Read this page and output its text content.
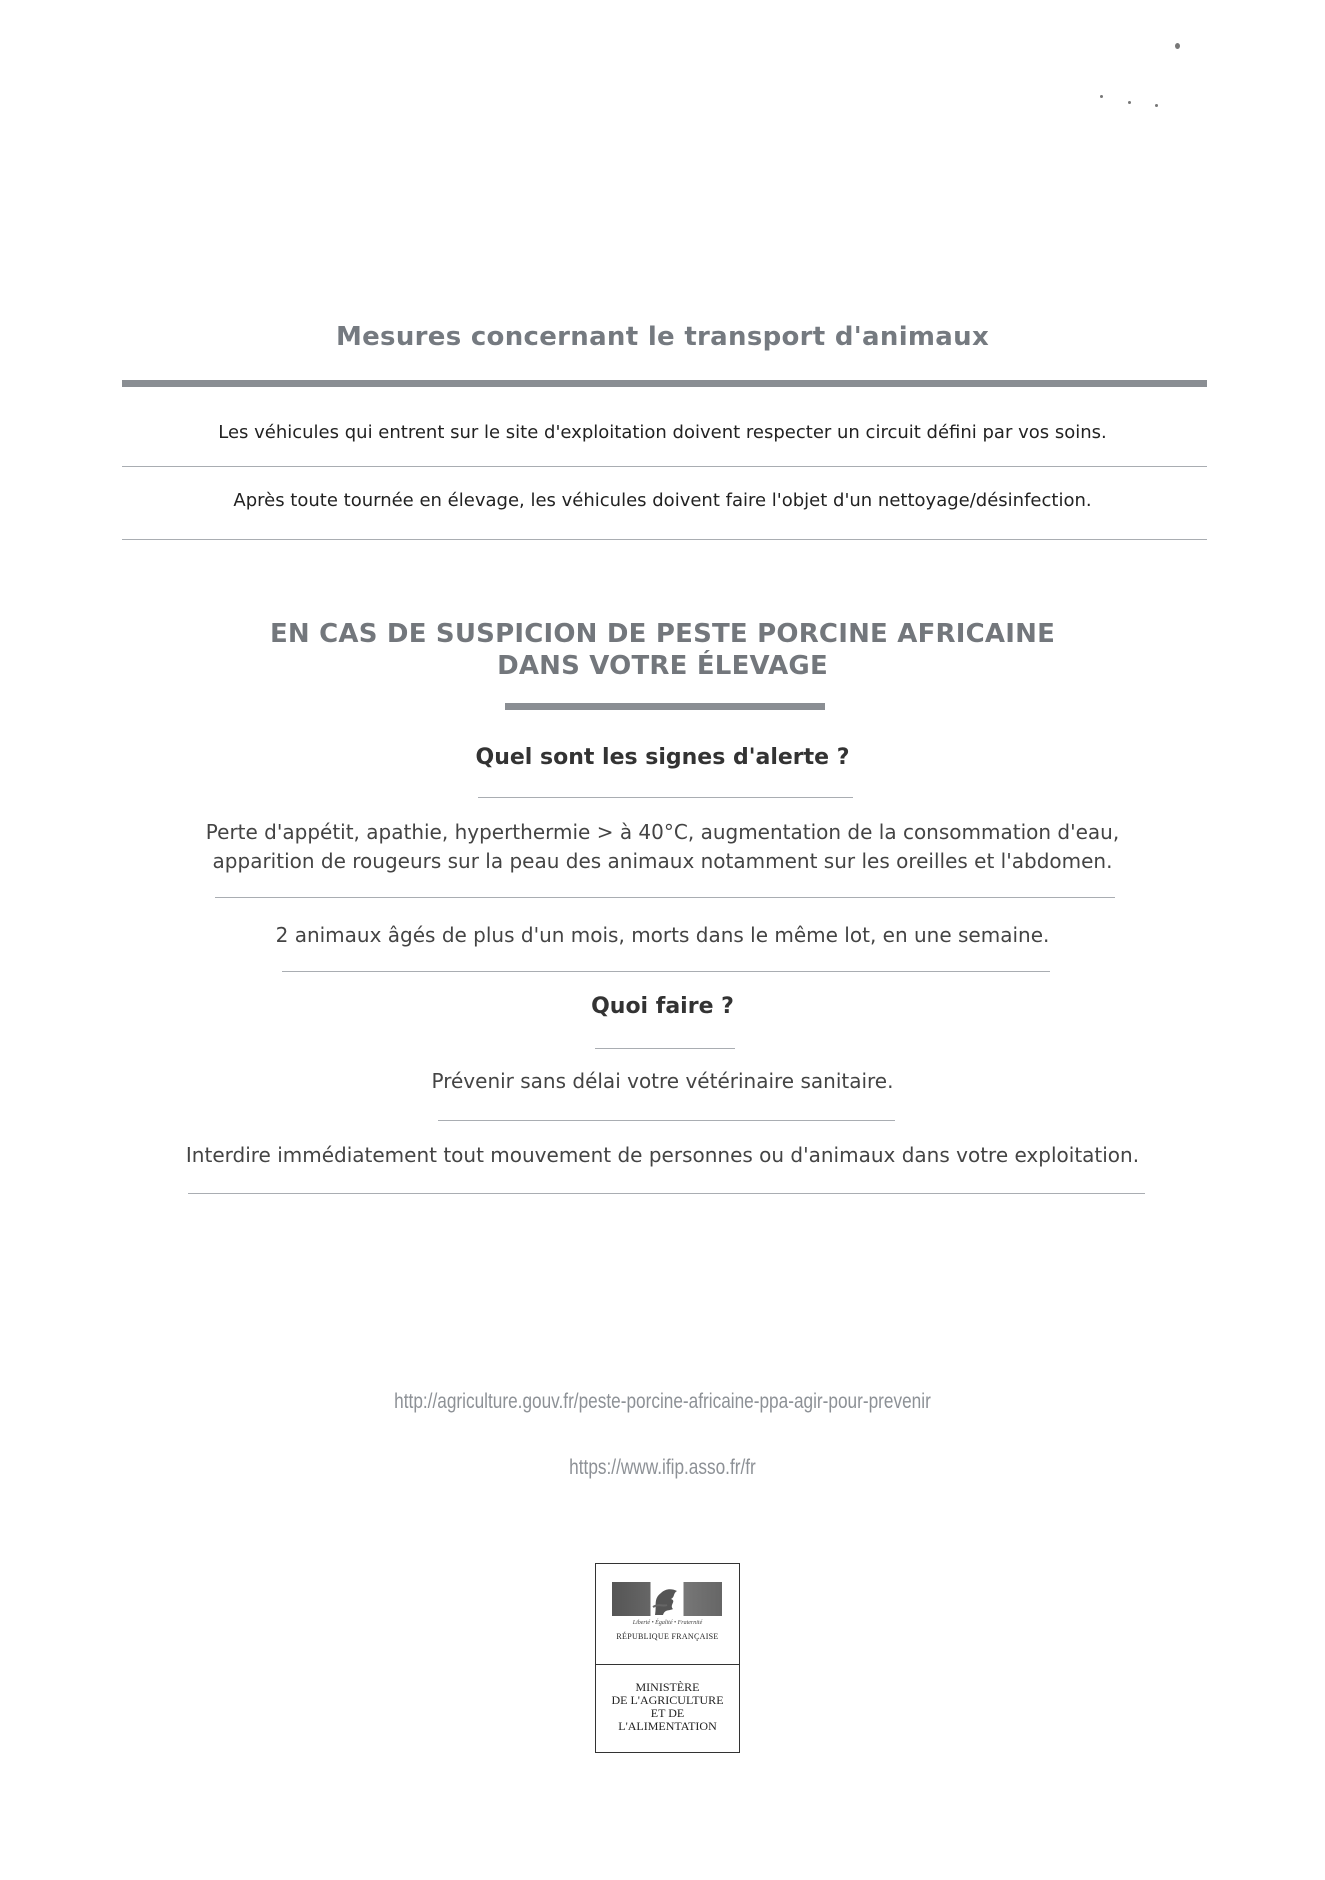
Mesures concernant le transport d'animaux
Les véhicules qui entrent sur le site d'exploitation doivent respecter un circuit défini par vos soins.
Après toute tournée en élevage, les véhicules doivent faire l'objet d'un nettoyage/désinfection.
EN CAS DE SUSPICION DE PESTE PORCINE AFRICAINE
DANS VOTRE ÉLEVAGE
Quel sont les signes d'alerte ?
Perte d'appétit, apathie, hyperthermie > à 40°C, augmentation de la consommation d'eau,
apparition de rougeurs sur la peau des animaux notamment sur les oreilles et l'abdomen.
2 animaux âgés de plus d'un mois, morts dans le même lot, en une semaine.
Quoi faire ?
Prévenir sans délai votre vétérinaire sanitaire.
Interdire immédiatement tout mouvement de personnes ou d'animaux dans votre exploitation.
http://agriculture.gouv.fr/peste-porcine-africaine-ppa-agir-pour-prevenir
https://www.ifip.asso.fr/fr
Liberté • Égalité • Fraternité
RÉPUBLIQUE FRANÇAISE
MINISTÈRE
DE L'AGRICULTURE
ET DE
L'ALIMENTATION
